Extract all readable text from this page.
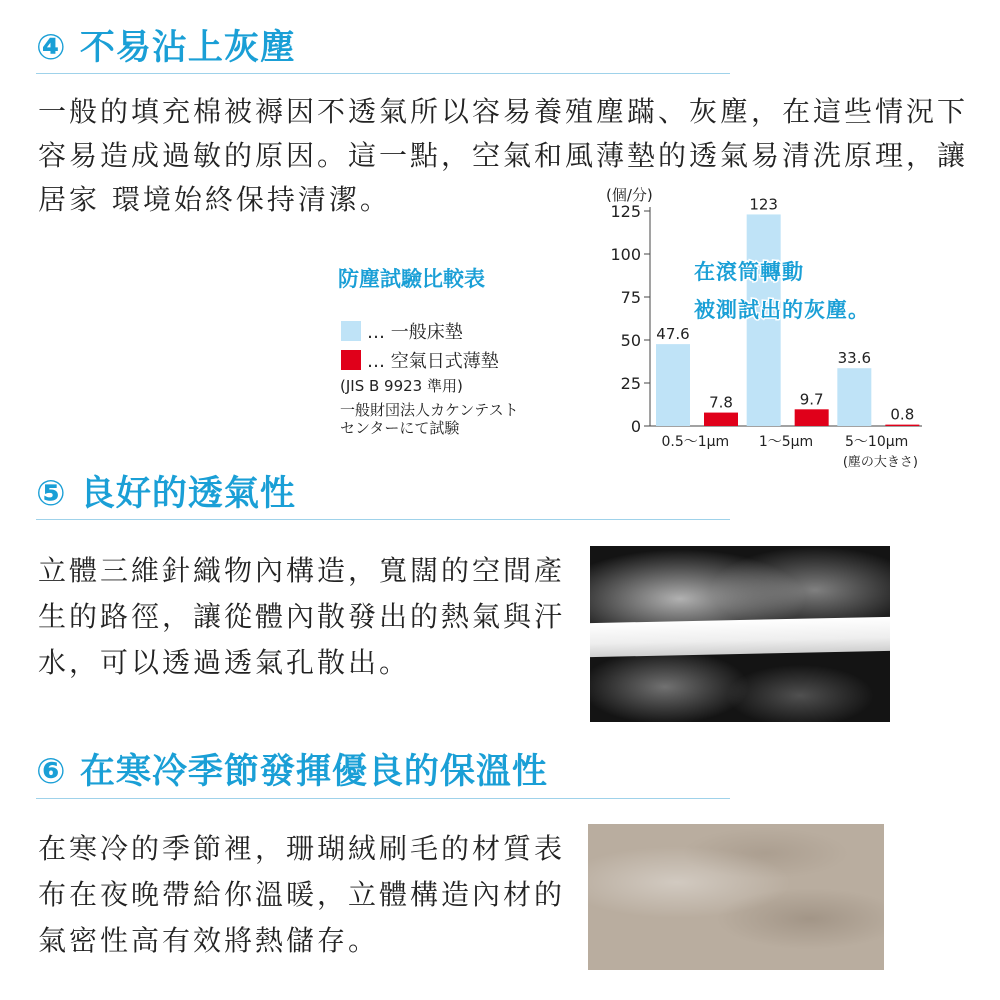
④ 不易沾上灰塵

一般的填充棉被褥因不透氣所以容易養殖塵蹣、灰塵，在這些情況下容易造成過敏的原因。這一點，空氣和風薄墊的透氣易清洗原理，讓居家 環境始終保持清潔。

防塵試驗比較表
… 一般床墊
… 空氣日式薄墊
(JIS B 9923 準用)
一般財団法人カケンテスト
センターにて試験
(個/分)
0
25
50
75
100
125
47.6
7.8
0.5〜1μm
123
9.7
1〜5μm
33.6
0.8
5〜10μm
(塵の大きさ)
在滾筒轉動
被測試出的灰塵。
⑤ 良好的透氣性

立體三維針織物內構造，寬闊的空間產生的路徑，讓從體內散發出的熱氣與汗水，可以透過透氣孔散出。

⑥ 在寒冷季節發揮優良的保溫性

在寒冷的季節裡，珊瑚絨刷毛的材質表布在夜晚帶給你溫暖，立體構造內材的氣密性高有效將熱儲存。
